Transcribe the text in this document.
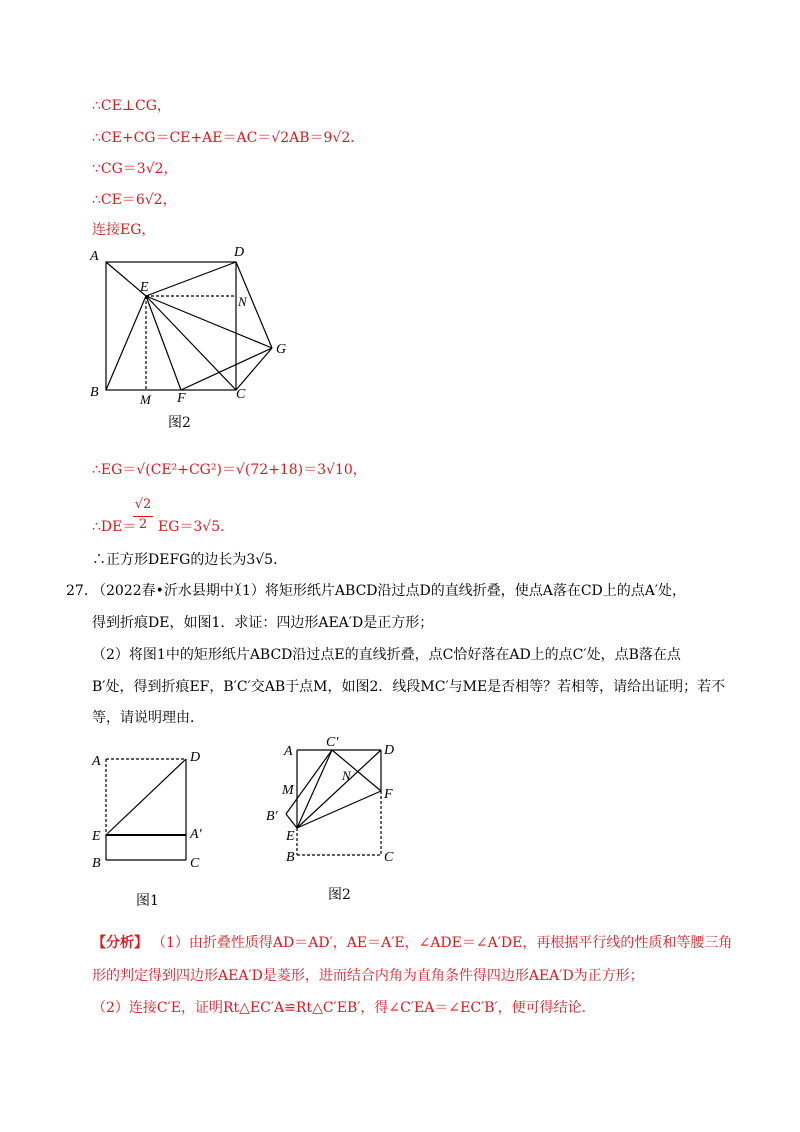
∴CE⊥CG，
∴CE+CG＝CE+AE＝AC＝√2AB＝9√2．
∵CG＝3√2，
∴CE＝6√2，
连接EG，
A	D
E
N
G
B	M F	C
图2
∴EG＝√(CE²+CG²)＝√(72+18)＝3√10，
√2
∴DE＝ 2 EG＝3√5．
∴正方形DEFG的边长为3√5．
27. （2022春•沂水县期中）
（1）将矩形纸片ABCD沿过点D的直线折叠，使点A落在CD上的点A′处，
得到折痕DE，如图1．求证：四边形AEA′D是正方形；
（2）将图1中的矩形纸片ABCD沿过点E的直线折叠，点C恰好落在AD上的点C′处，点B落在点
B′处，得到折痕EF，B′C′交AB于点M，如图2．线段MC′与ME是否相等？若相等，请给出证明；若不
等，请说明理由．
A	D
E	A′
B	C
图1
A
C′
D
M
N
F
B′
E
B	C
图2
【分析】 （1）由折叠性质得AD＝AD′，AE＝A′E，∠ADE＝∠A′DE，再根据平行线的性质和等腰三角
形的判定得到四边形AEA′D是菱形，进而结合内角为直角条件得四边形AEA′D为正方形；
（2）连接C′E，证明Rt△EC′A≌Rt△C′EB′，得∠C′EA＝∠EC′B′，便可得结论．
